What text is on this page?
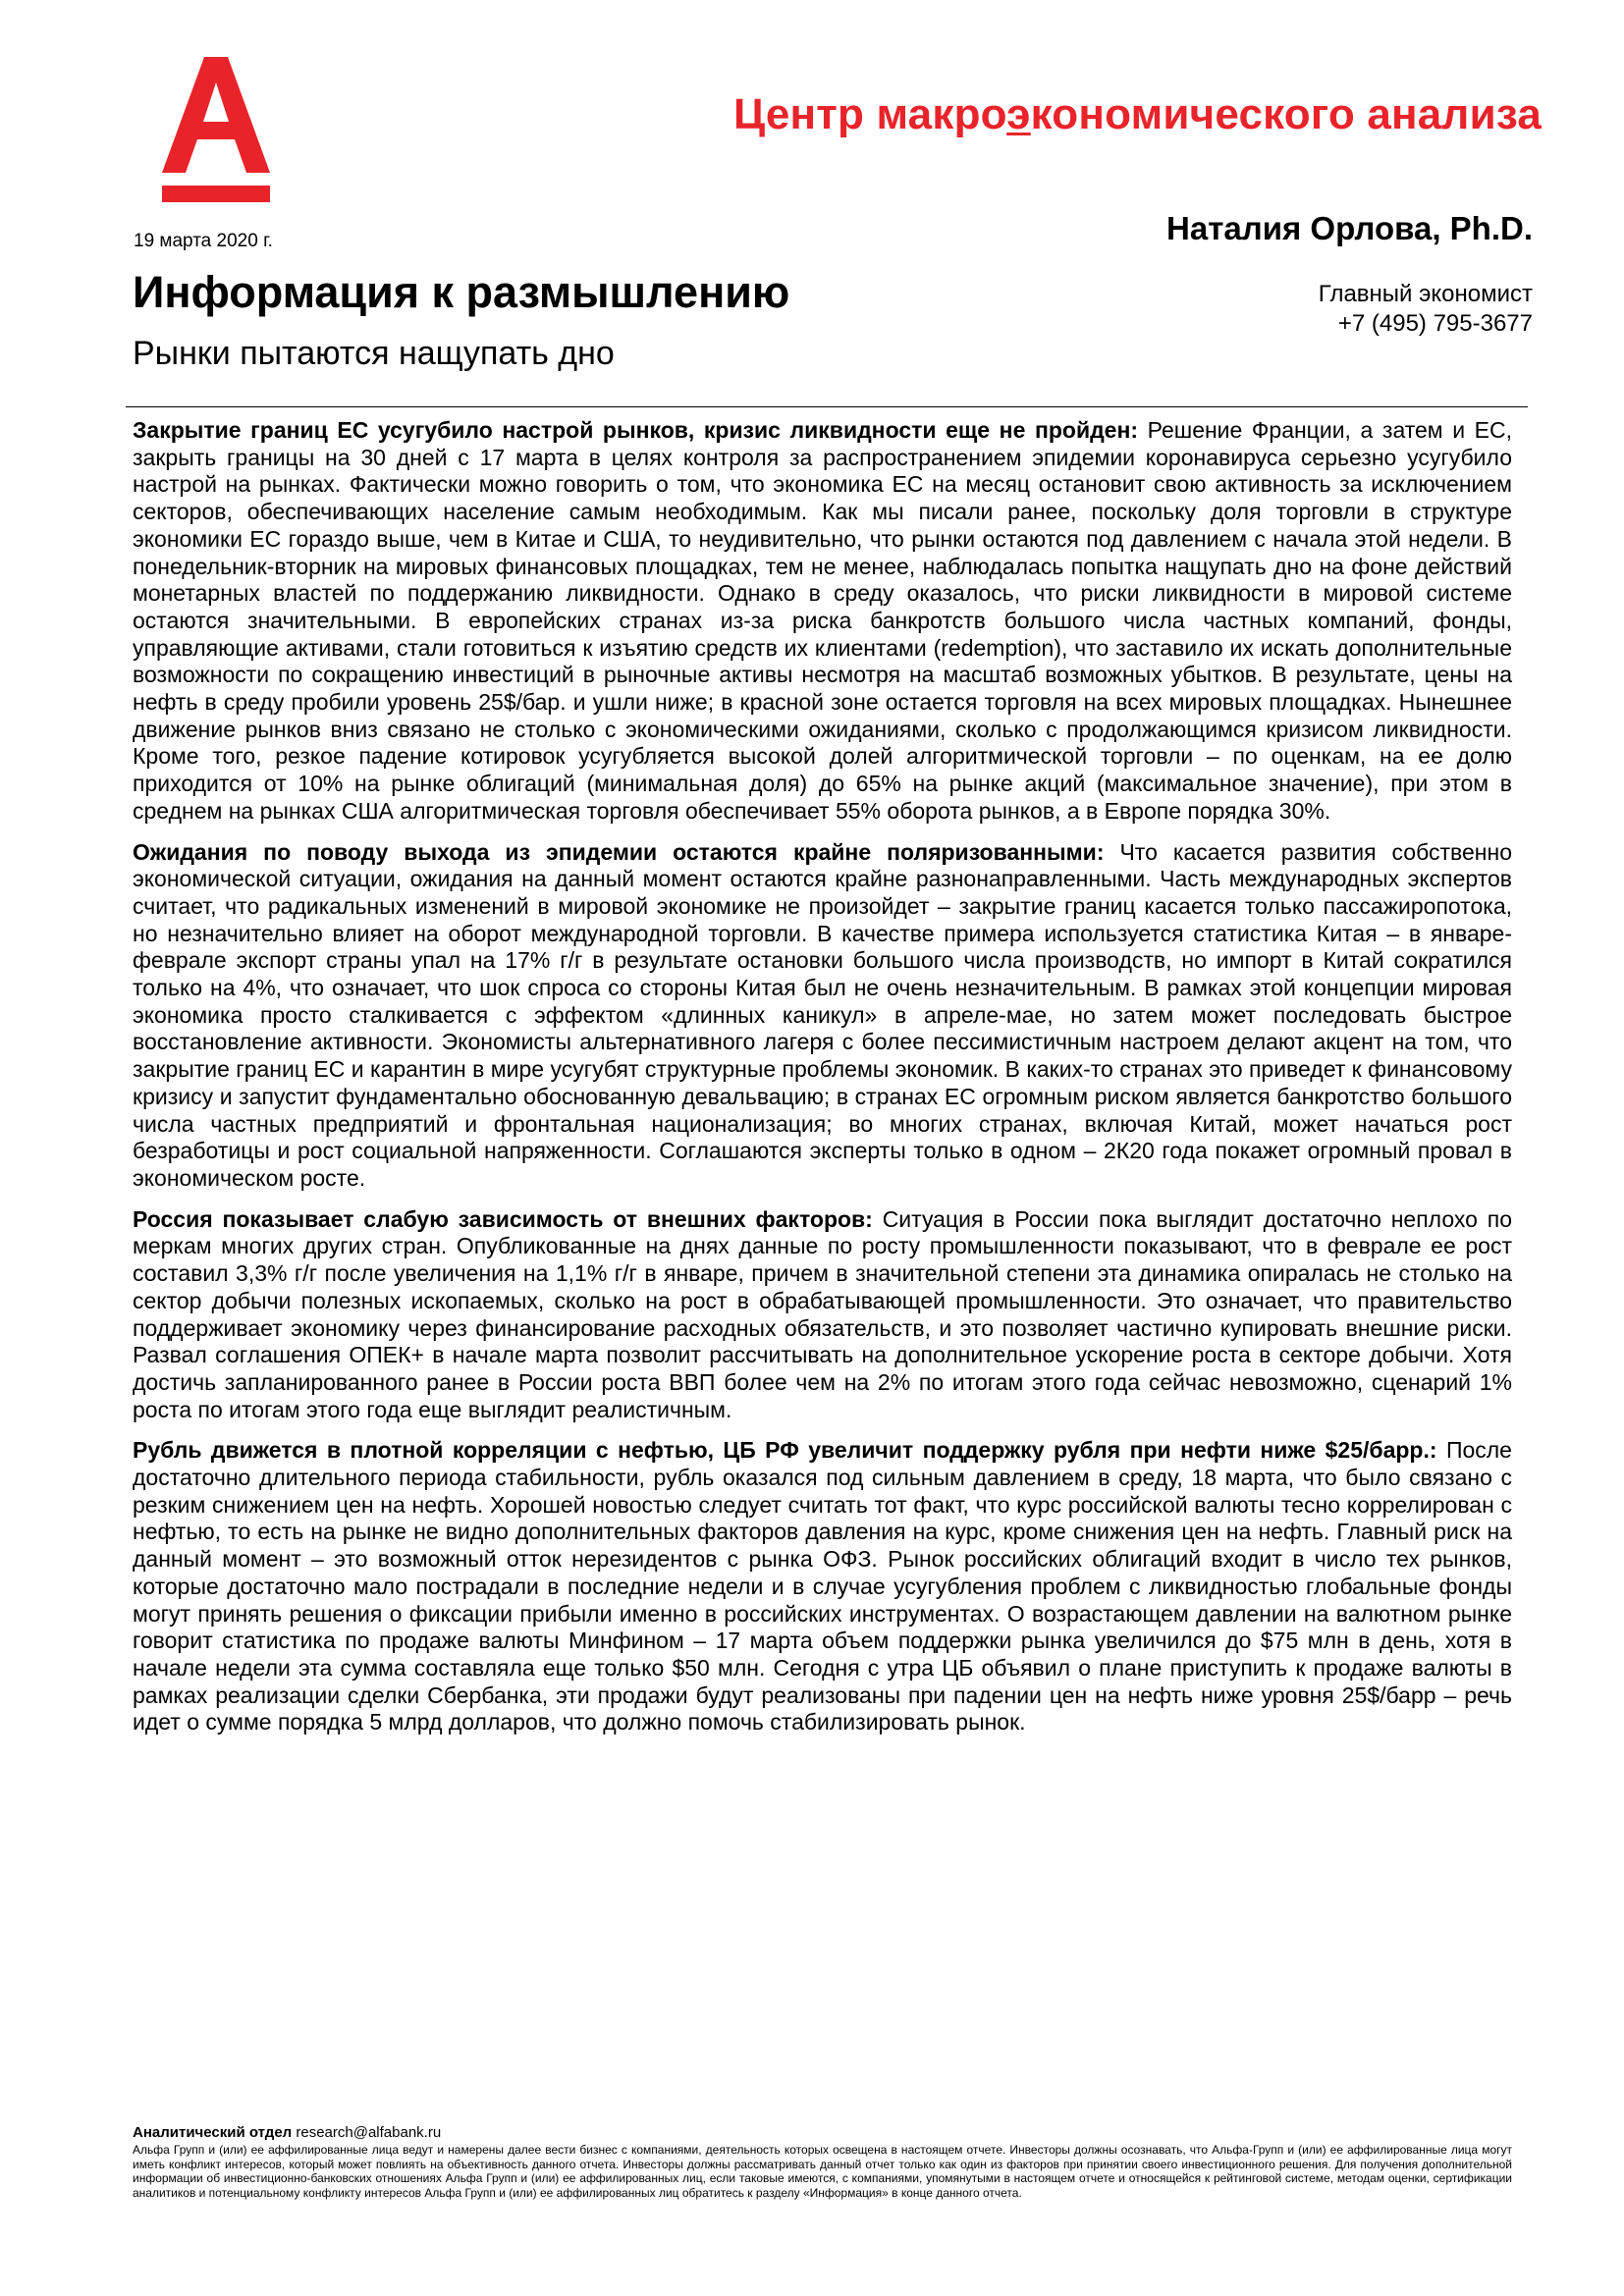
Центр макроэкономического анализа
19 марта 2020 г.	Наталия Орлова, Ph.D.
Информация к размышлению	Главный экономист
+7 (495) 795-3677
Рынки пытаются нащупать дно

Закрытие границ ЕС усугубило настрой рынков, кризис ликвидности еще не пройден: Решение Франции, а затем и ЕС, закрыть границы на 30 дней с 17 марта в целях контроля за распространением эпидемии коронавируса серьезно усугубило настрой на рынках. Фактически можно говорить о том, что экономика ЕС на месяц остановит свою активность за исключением секторов, обеспечивающих население самым необходимым. Как мы писали ранее, поскольку доля торговли в структуре экономики ЕС гораздо выше, чем в Китае и США, то неудивительно, что рынки остаются под давлением с начала этой недели. В понедельник-вторник на мировых финансовых площадках, тем не менее, наблюдалась попытка нащупать дно на фоне действий монетарных властей по поддержанию ликвидности. Однако в среду оказалось, что риски ликвидности в мировой системе остаются значительными. В европейских странах из-за риска банкротств большого числа частных компаний, фонды, управляющие активами, стали готовиться к изъятию средств их клиентами (redemption), что заставило их искать дополнительные возможности по сокращению инвестиций в рыночные активы несмотря на масштаб возможных убытков. В результате, цены на нефть в среду пробили уровень 25$/бар. и ушли ниже; в красной зоне остается торговля на всех мировых площадках. Нынешнее движение рынков вниз связано не столько с экономическими ожиданиями, сколько с продолжающимся кризисом ликвидности. Кроме того, резкое падение котировок усугубляется высокой долей алгоритмической торговли – по оценкам, на ее долю приходится от 10% на рынке облигаций (минимальная доля) до 65% на рынке акций (максимальное значение), при этом в среднем на рынках США алгоритмическая торговля обеспечивает 55% оборота рынков, а в Европе порядка 30%.

Ожидания по поводу выхода из эпидемии остаются крайне поляризованными: Что касается развития собственно экономической ситуации, ожидания на данный момент остаются крайне разнонаправленными. Часть международных экспертов считает, что радикальных изменений в мировой экономике не произойдет – закрытие границ касается только пассажиропотока, но незначительно влияет на оборот международной торговли. В качестве примера используется статистика Китая – в январе-феврале экспорт страны упал на 17% г/г в результате остановки большого числа производств, но импорт в Китай сократился только на 4%, что означает, что шок спроса со стороны Китая был не очень незначительным. В рамках этой концепции мировая экономика просто сталкивается с эффектом «длинных каникул» в апреле-мае, но затем может последовать быстрое восстановление активности. Экономисты альтернативного лагеря с более пессимистичным настроем делают акцент на том, что закрытие границ ЕС и карантин в мире усугубят структурные проблемы экономик. В каких-то странах это приведет к финансовому кризису и запустит фундаментально обоснованную девальвацию; в странах ЕС огромным риском является банкротство большого числа частных предприятий и фронтальная национализация; во многих странах, включая Китай, может начаться рост безработицы и рост социальной напряженности. Соглашаются эксперты только в одном – 2К20 года покажет огромный провал в экономическом росте.

Россия показывает слабую зависимость от внешних факторов: Ситуация в России пока выглядит достаточно неплохо по меркам многих других стран. Опубликованные на днях данные по росту промышленности показывают, что в феврале ее рост составил 3,3% г/г после увеличения на 1,1% г/г в январе, причем в значительной степени эта динамика опиралась не столько на сектор добычи полезных ископаемых, сколько на рост в обрабатывающей промышленности. Это означает, что правительство поддерживает экономику через финансирование расходных обязательств, и это позволяет частично купировать внешние риски. Развал соглашения ОПЕК+ в начале марта позволит рассчитывать на дополнительное ускорение роста в секторе добычи. Хотя достичь запланированного ранее в России роста ВВП более чем на 2% по итогам этого года сейчас невозможно, сценарий 1% роста по итогам этого года еще выглядит реалистичным.

Рубль движется в плотной корреляции с нефтью, ЦБ РФ увеличит поддержку рубля при нефти ниже $25/барр.: После достаточно длительного периода стабильности, рубль оказался под сильным давлением в среду, 18 марта, что было связано с резким снижением цен на нефть. Хорошей новостью следует считать тот факт, что курс российской валюты тесно коррелирован с нефтью, то есть на рынке не видно дополнительных факторов давления на курс, кроме снижения цен на нефть. Главный риск на данный момент – это возможный отток нерезидентов с рынка ОФЗ. Рынок российских облигаций входит в число тех рынков, которые достаточно мало пострадали в последние недели и в случае усугубления проблем с ликвидностью глобальные фонды могут принять решения о фиксации прибыли именно в российских инструментах. О возрастающем давлении на валютном рынке говорит статистика по продаже валюты Минфином – 17 марта объем поддержки рынка увеличился до $75 млн в день, хотя в начале недели эта сумма составляла еще только $50 млн. Сегодня с утра ЦБ объявил о плане приступить к продаже валюты в рамках реализации сделки Сбербанка, эти продажи будут реализованы при падении цен на нефть ниже уровня 25$/барр – речь идет о сумме порядка 5 млрд долларов, что должно помочь стабилизировать рынок.

Аналитический отдел research@alfabank.ru
Альфа Групп и (или) ее аффилированные лица ведут и намерены далее вести бизнес с компаниями, деятельность которых освещена в настоящем отчете. Инвесторы должны осознавать, что Альфа-Групп и (или) ее аффилированные лица могут иметь конфликт интересов, который может повлиять на объективность данного отчета. Инвесторы должны рассматривать данный отчет только как один из факторов при принятии своего инвестиционного решения. Для получения дополнительной информации об инвестиционно-банковских отношениях Альфа Групп и (или) ее аффилированных лиц, если таковые имеются, с компаниями, упомянутыми в настоящем отчете и относящейся к рейтинговой системе, методам оценки, сертификации аналитиков и потенциальному конфликту интересов Альфа Групп и (или) ее аффилированных лиц обратитесь к разделу «Информация» в конце данного отчета.
